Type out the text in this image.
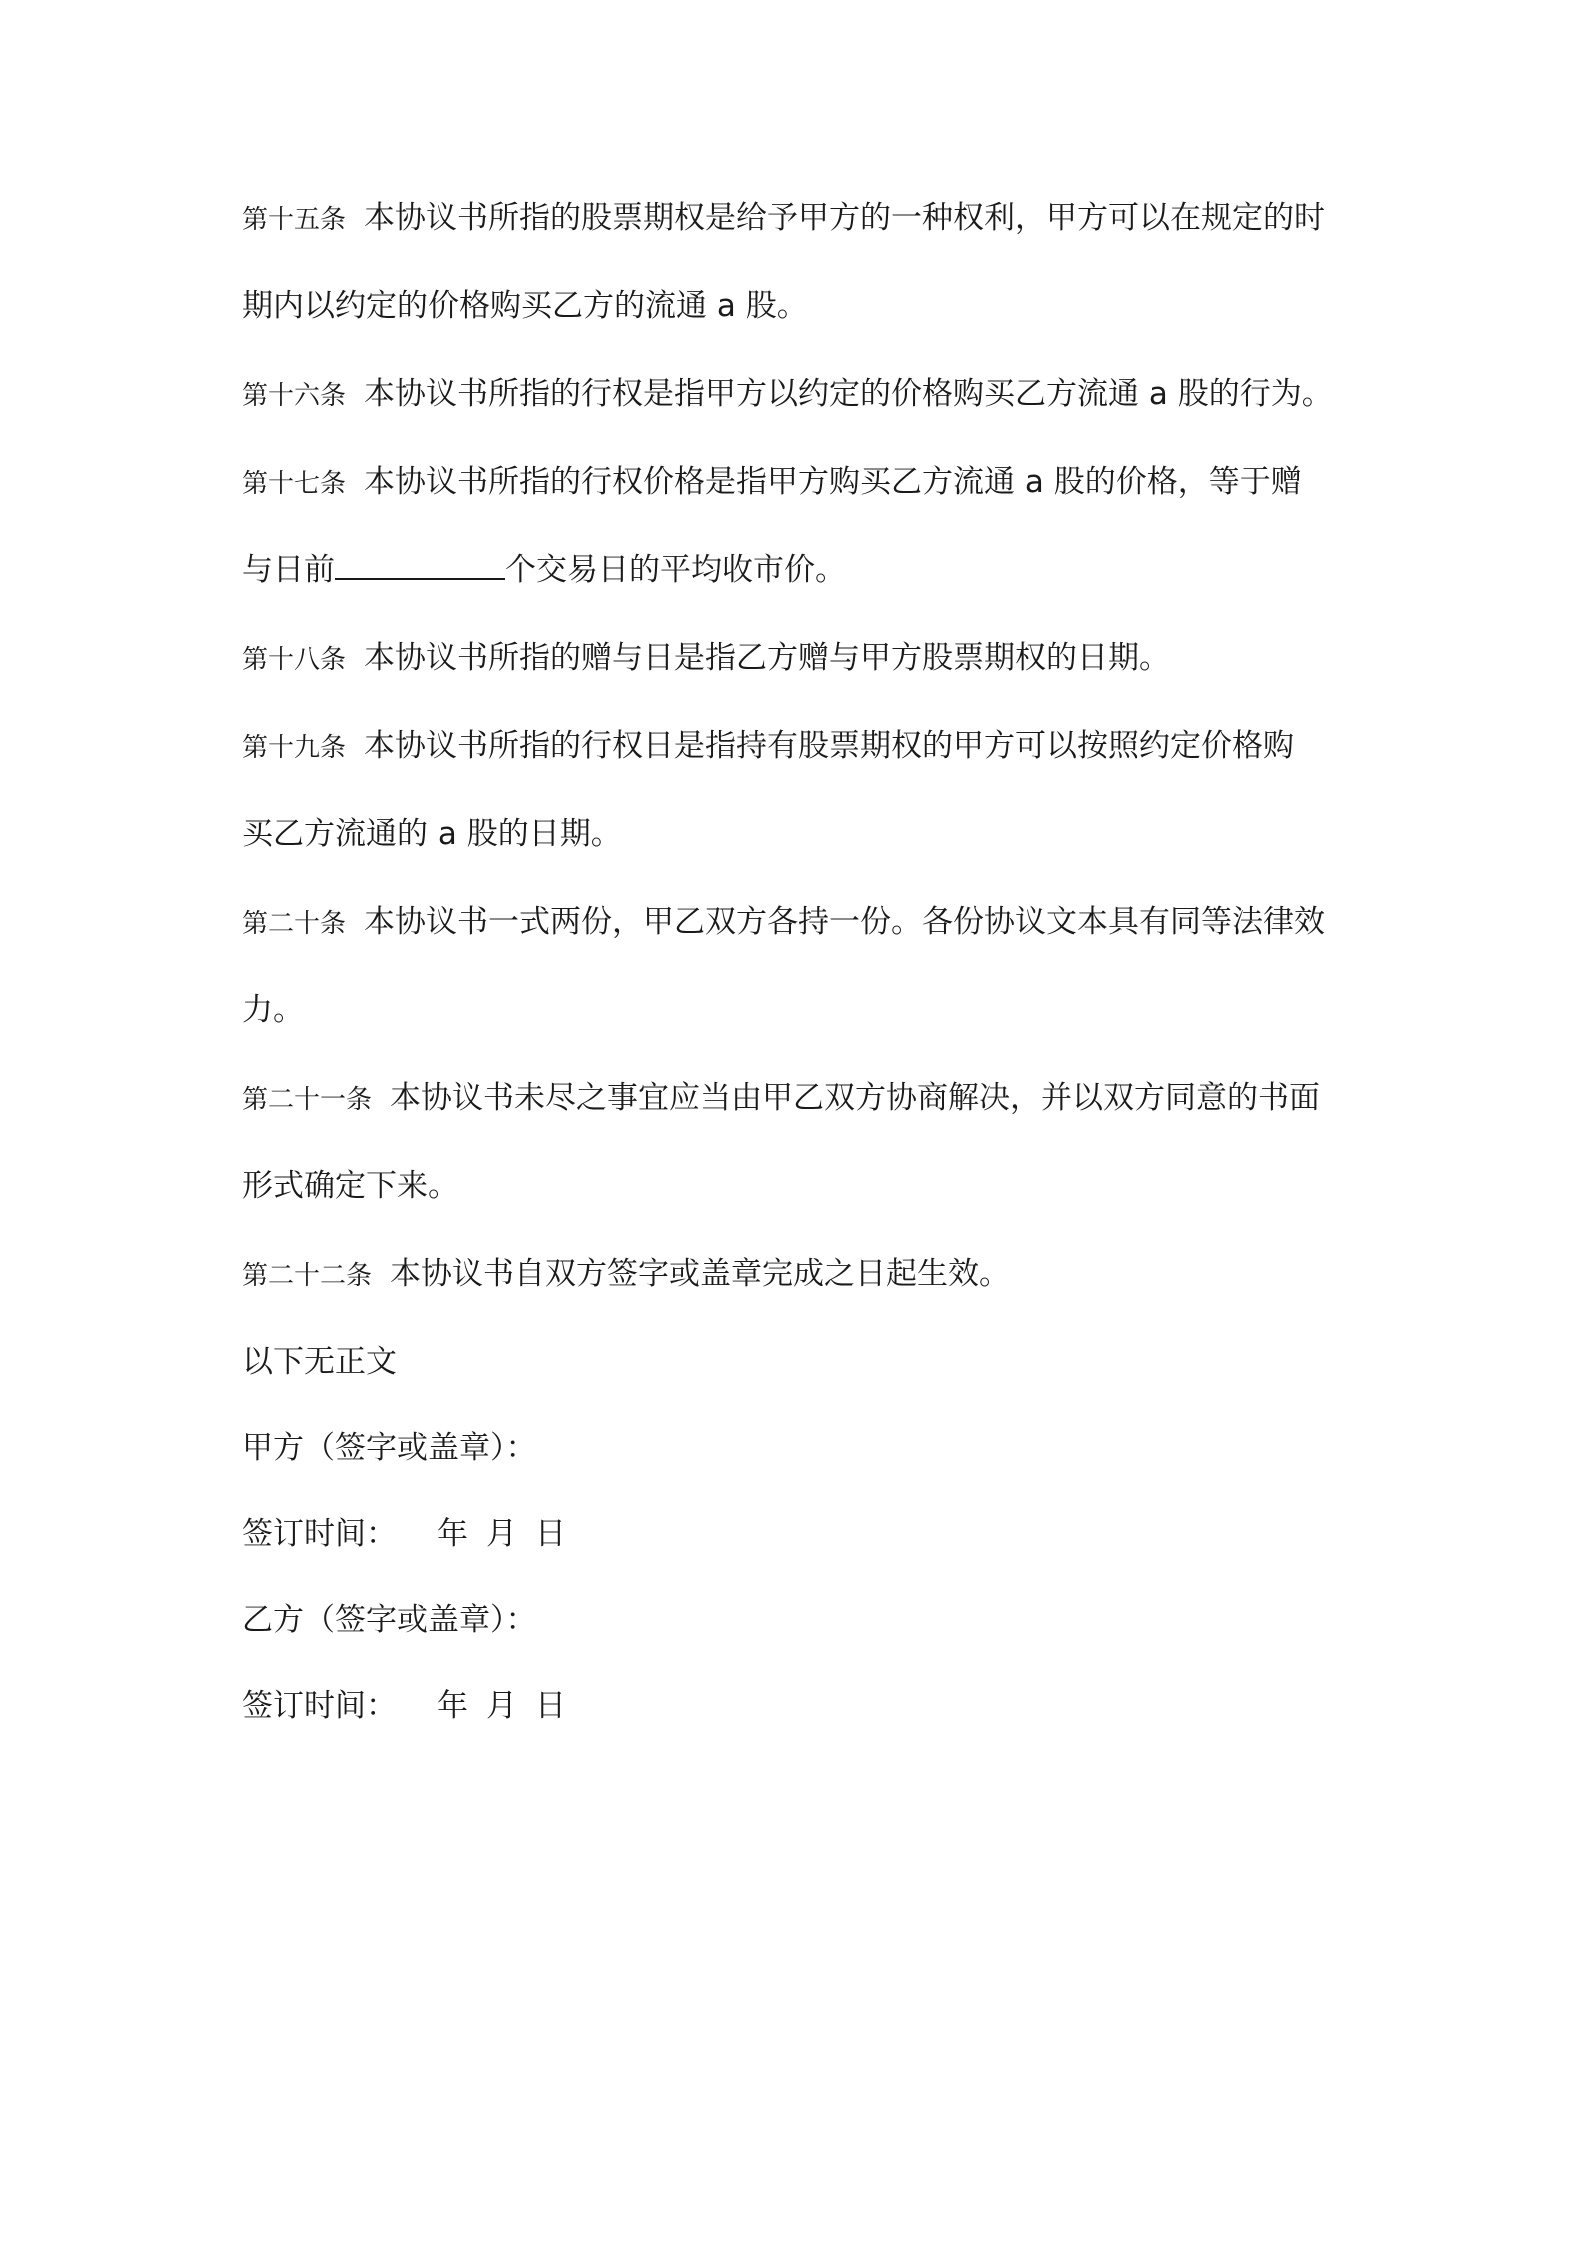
第十五条 本协议书所指的股票期权是给予甲方的一种权利，甲方可以在规定的时
期内以约定的价格购买乙方的流通 a 股。
第十六条 本协议书所指的行权是指甲方以约定的价格购买乙方流通 a 股的行为。
第十七条 本协议书所指的行权价格是指甲方购买乙方流通 a 股的价格，等于赠
与日前	个交易日的平均收市价。
第十八条 本协议书所指的赠与日是指乙方赠与甲方股票期权的日期。
第十九条 本协议书所指的行权日是指持有股票期权的甲方可以按照约定价格购
买乙方流通的 a 股的日期。
第二十条 本协议书一式两份，甲乙双方各持一份。各份协议文本具有同等法律效
力。
第二十一条 本协议书未尽之事宜应当由甲乙双方协商解决，并以双方同意的书面
形式确定下来。
第二十二条 本协议书自双方签字或盖章完成之日起生效。
以下无正文
甲方（签字或盖章）：
签订时间： 年 月 日
乙方（签字或盖章）：
签订时间： 年 月 日
